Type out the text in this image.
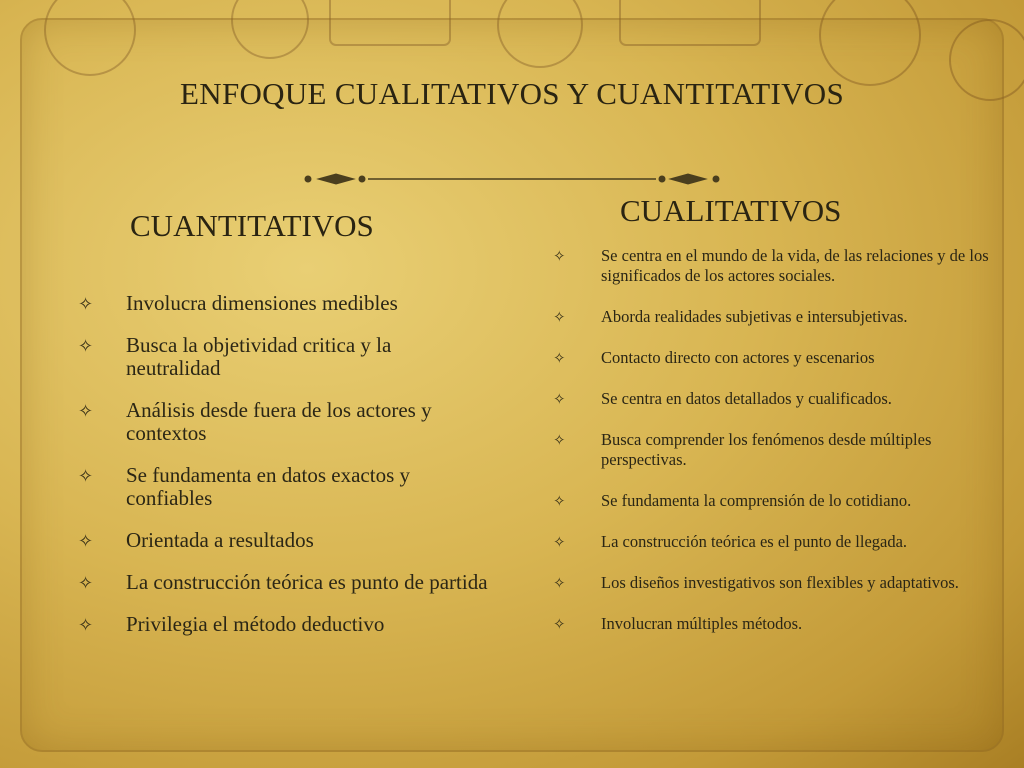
ENFOQUE CUALITATIVOS Y CUANTITATIVOS
CUANTITATIVOS	CUALITATIVOS
✧ Involucra dimensiones medibles
✧ Busca la objetividad critica y la neutralidad
✧ Análisis desde fuera de los actores y contextos
✧ Se fundamenta en datos exactos y confiables
✧ Orientada a resultados
✧ La construcción teórica es punto de partida
✧ Privilegia el método deductivo
✧ Se centra en el mundo de la vida, de las relaciones y de los significados de los actores sociales.
✧ Aborda realidades subjetivas e intersubjetivas.
✧ Contacto directo con actores y escenarios
✧ Se centra en datos detallados y cualificados.
✧ Busca comprender los fenómenos desde múltiples perspectivas.
✧ Se fundamenta la comprensión de lo cotidiano.
✧ La construcción teórica es el punto de llegada.
✧ Los diseños investigativos son flexibles y adaptativos.
✧ Involucran múltiples métodos.
